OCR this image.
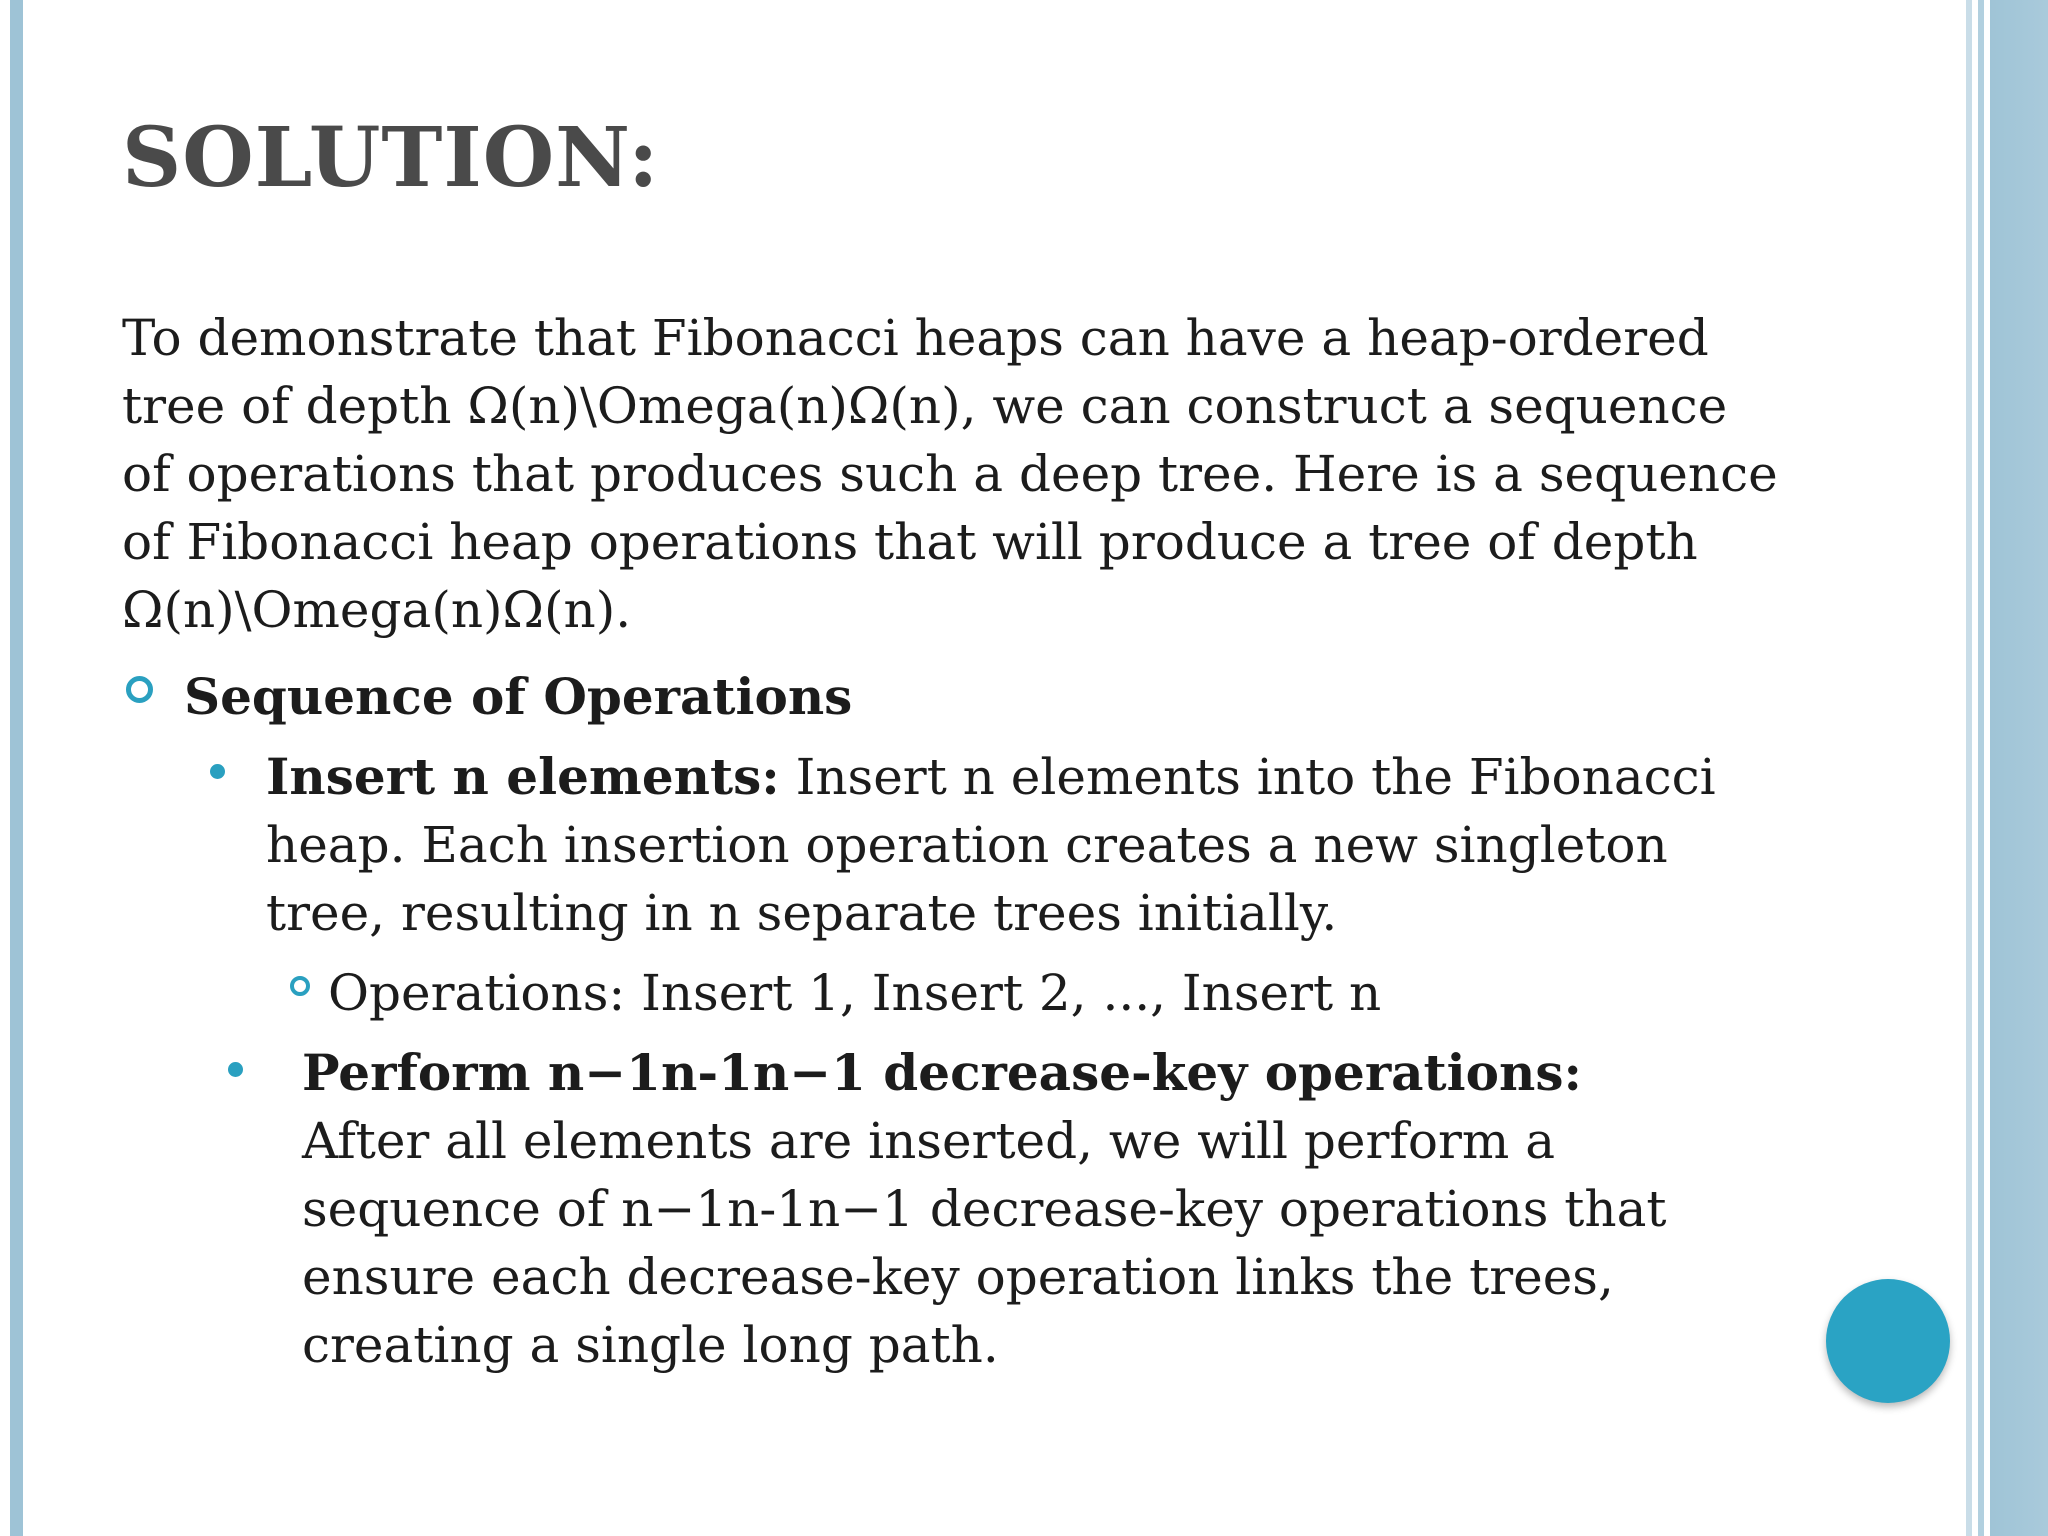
SOLUTION:

To demonstrate that Fibonacci heaps can have a heap-ordered tree of depth Ω(n)\Omega(n)Ω(n), we can construct a sequence of operations that produces such a deep tree. Here is a sequence of Fibonacci heap operations that will produce a tree of depth Ω(n)\Omega(n)Ω(n).

Sequence of Operations

Insert n elements: Insert n elements into the Fibonacci heap. Each insertion operation creates a new singleton tree, resulting in n separate trees initially.

Operations: Insert 1, Insert 2, ..., Insert n

Perform n−1n-1n−1 decrease-key operations:
After all elements are inserted, we will perform a sequence of n−1n-1n−1 decrease-key operations that ensure each decrease-key operation links the trees, creating a single long path.
